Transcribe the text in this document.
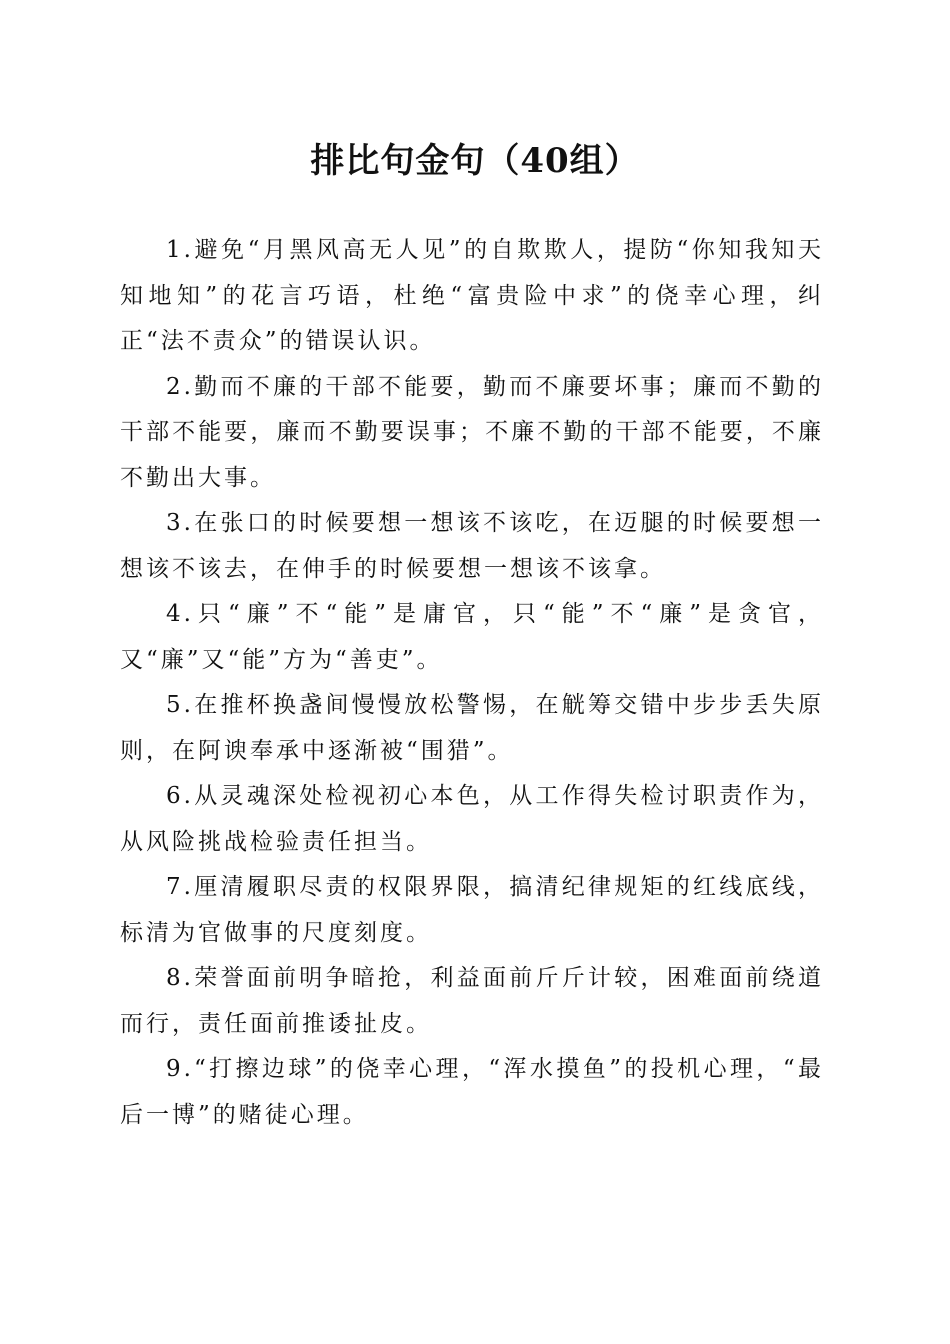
排比句金句（40组）

1.避免“月黑风高无人见”的自欺欺人，提防“你知我知天知地知”的花言巧语，杜绝“富贵险中求”的侥幸心理，纠正“法不责众”的错误认识。

2.勤而不廉的干部不能要，勤而不廉要坏事；廉而不勤的干部不能要，廉而不勤要误事；不廉不勤的干部不能要，不廉不勤出大事。

3.在张口的时候要想一想该不该吃，在迈腿的时候要想一想该不该去，在伸手的时候要想一想该不该拿。

4.只“廉”不“能”是庸官，只“能”不“廉”是贪官，又“廉”又“能”方为“善吏”。

5.在推杯换盏间慢慢放松警惕，在觥筹交错中步步丢失原则，在阿谀奉承中逐渐被“围猎”。

6.从灵魂深处检视初心本色，从工作得失检讨职责作为，从风险挑战检验责任担当。

7.厘清履职尽责的权限界限，搞清纪律规矩的红线底线，标清为官做事的尺度刻度。

8.荣誉面前明争暗抢，利益面前斤斤计较，困难面前绕道而行，责任面前推诿扯皮。

9.“打擦边球”的侥幸心理，“浑水摸鱼”的投机心理，“最后一博”的赌徒心理。
